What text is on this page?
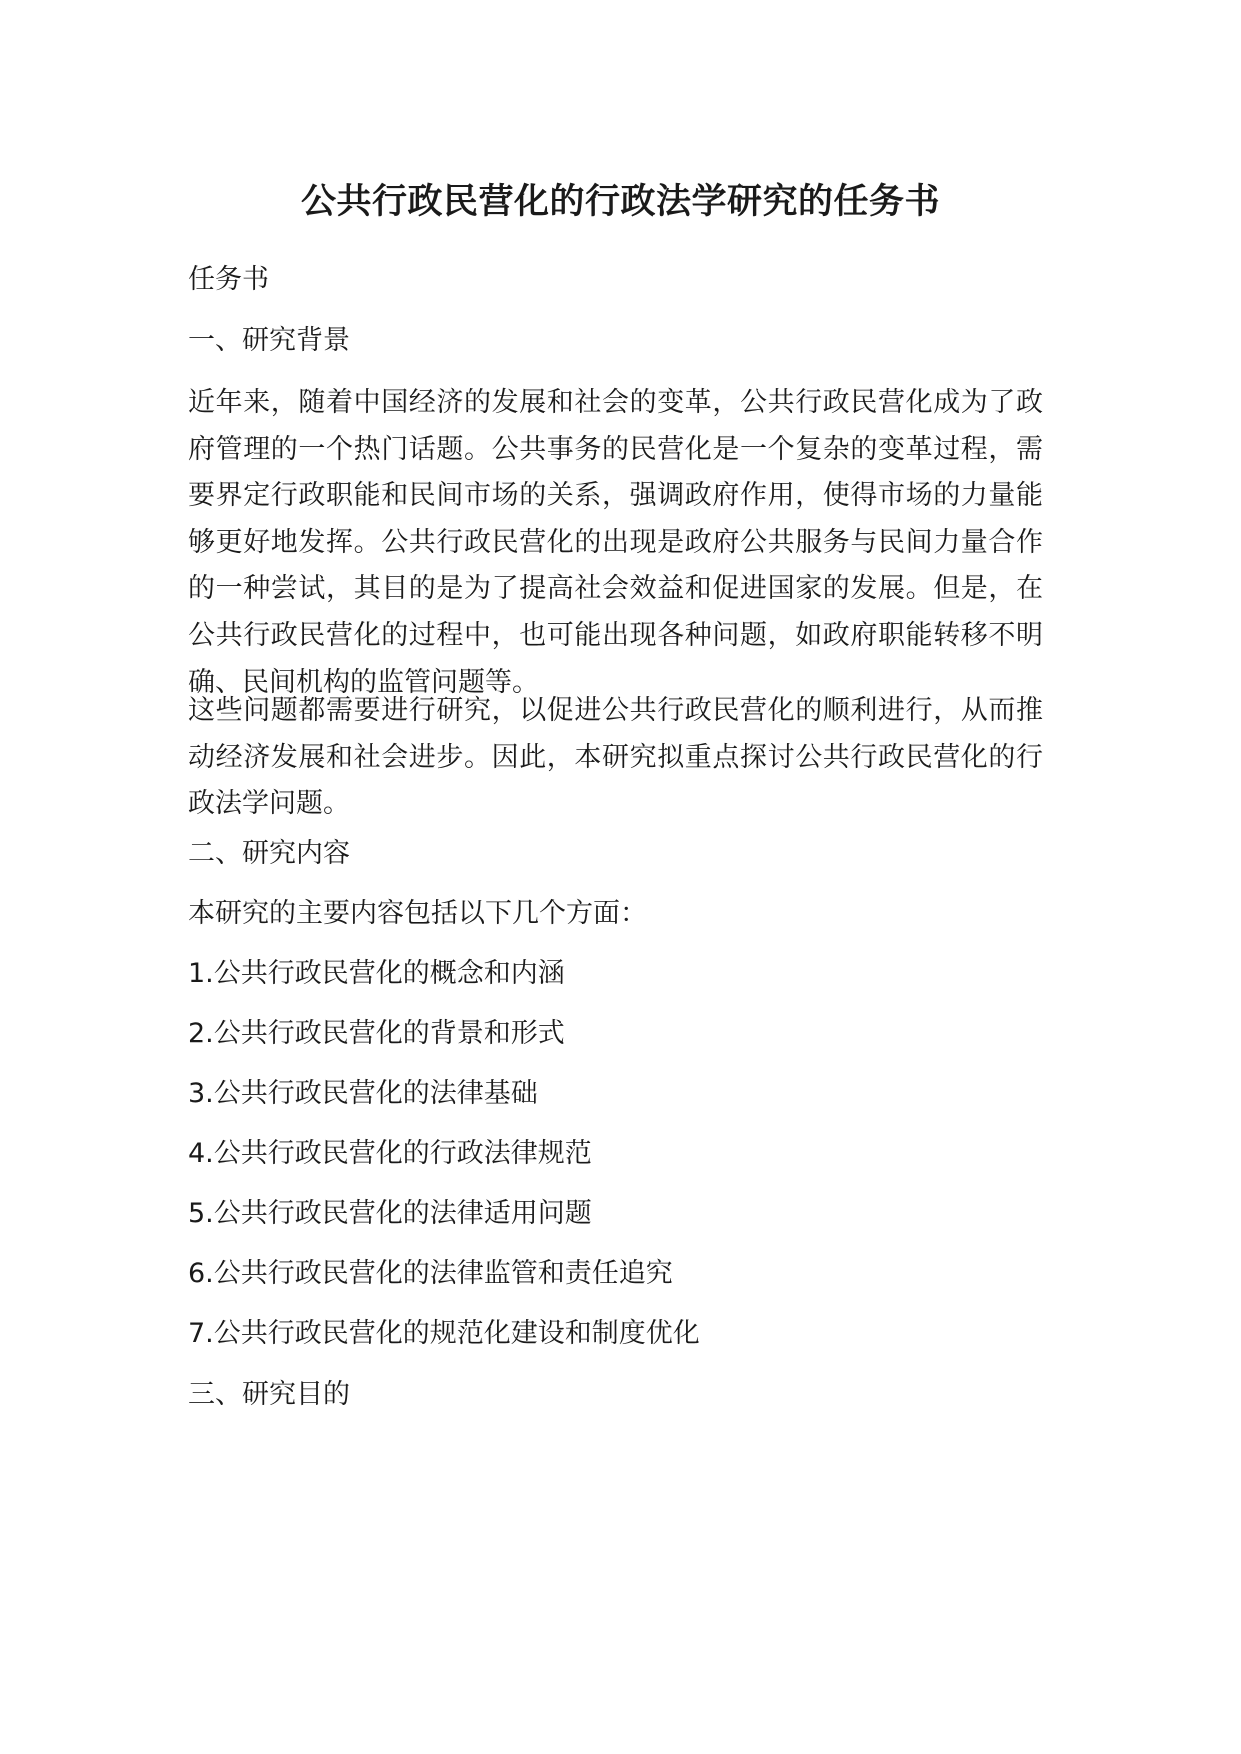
公共行政民营化的行政法学研究的任务书
任务书
一、研究背景
近年来，随着中国经济的发展和社会的变革，公共行政民营化成为了政府管理的一个热门话题。公共事务的民营化是一个复杂的变革过程，需要界定行政职能和民间市场的关系，强调政府作用，使得市场的力量能够更好地发挥。公共行政民营化的出现是政府公共服务与民间力量合作的一种尝试，其目的是为了提高社会效益和促进国家的发展。但是，在公共行政民营化的过程中，也可能出现各种问题，如政府职能转移不明确、民间机构的监管问题等。
这些问题都需要进行研究，以促进公共行政民营化的顺利进行，从而推动经济发展和社会进步。因此，本研究拟重点探讨公共行政民营化的行政法学问题。
二、研究内容
本研究的主要内容包括以下几个方面：
1.公共行政民营化的概念和内涵
2.公共行政民营化的背景和形式
3.公共行政民营化的法律基础
4.公共行政民营化的行政法律规范
5.公共行政民营化的法律适用问题
6.公共行政民营化的法律监管和责任追究
7.公共行政民营化的规范化建设和制度优化
三、研究目的
